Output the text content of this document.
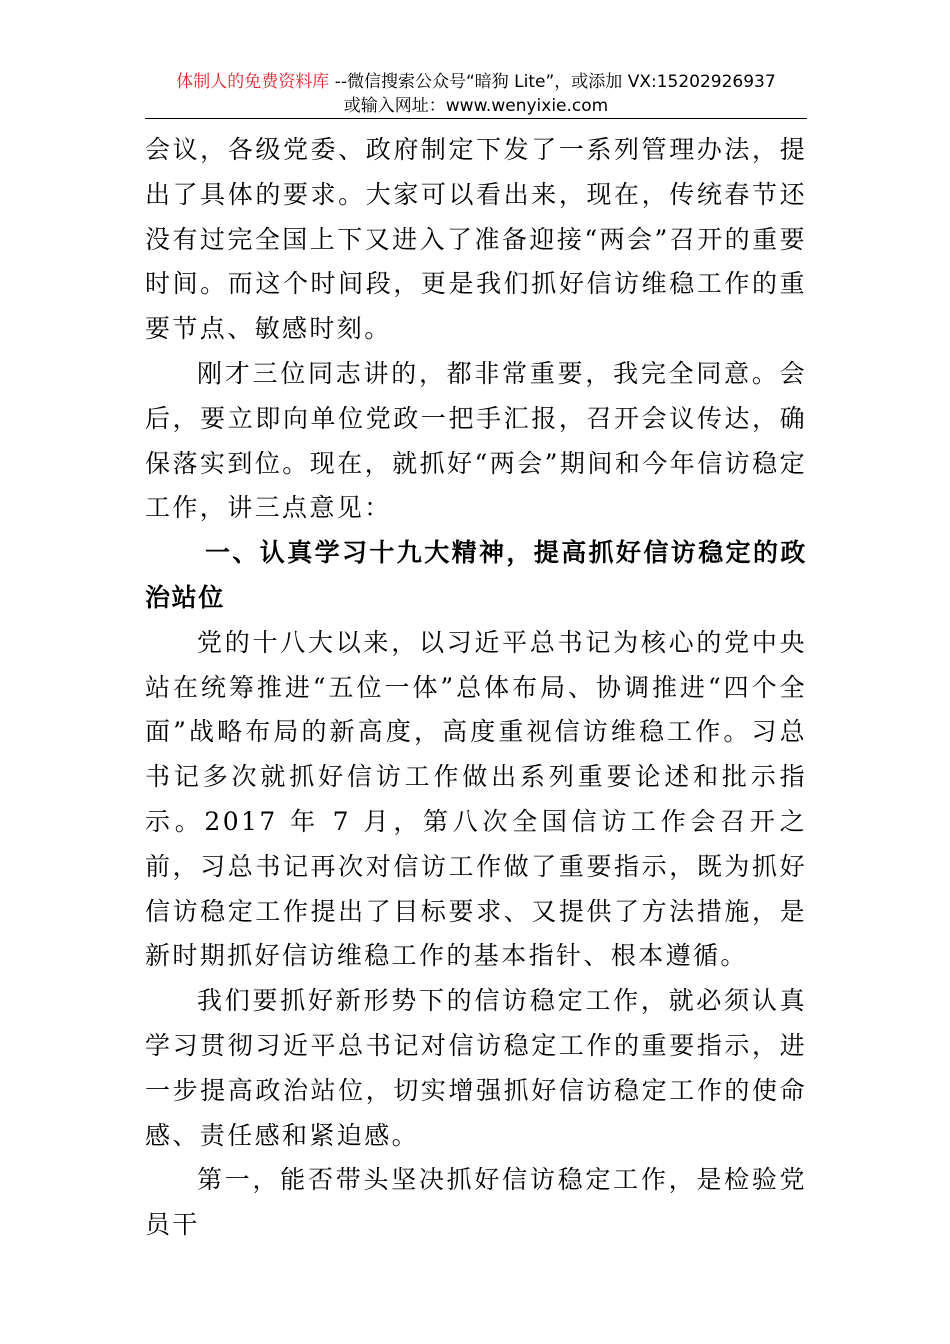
体制人的免费资料库 --微信搜索公众号“暗狗 Lite”，或添加 VX:15202926937
或输入网址：www.wenyixie.com

会议，各级党委、政府制定下发了一系列管理办法，提出了具体的要求。大家可以看出来，现在，传统春节还没有过完全国上下又进入了准备迎接“两会”召开的重要时间。而这个时间段，更是我们抓好信访维稳工作的重要节点、敏感时刻。

刚才三位同志讲的，都非常重要，我完全同意。会后，要立即向单位党政一把手汇报，召开会议传达，确保落实到位。现在，就抓好“两会”期间和今年信访稳定工作，讲三点意见：

一、认真学习十九大精神，提高抓好信访稳定的政治站位

党的十八大以来，以习近平总书记为核心的党中央站在统筹推进“五位一体”总体布局、协调推进“四个全面”战略布局的新高度，高度重视信访维稳工作。习总书记多次就抓好信访工作做出系列重要论述和批示指示。2017 年 7 月，第八次全国信访工作会召开之前，习总书记再次对信访工作做了重要指示，既为抓好信访稳定工作提出了目标要求、又提供了方法措施，是新时期抓好信访维稳工作的基本指针、根本遵循。

我们要抓好新形势下的信访稳定工作，就必须认真学习贯彻习近平总书记对信访稳定工作的重要指示，进一步提高政治站位，切实增强抓好信访稳定工作的使命感、责任感和紧迫感。

第一，能否带头坚决抓好信访稳定工作，是检验党员干
